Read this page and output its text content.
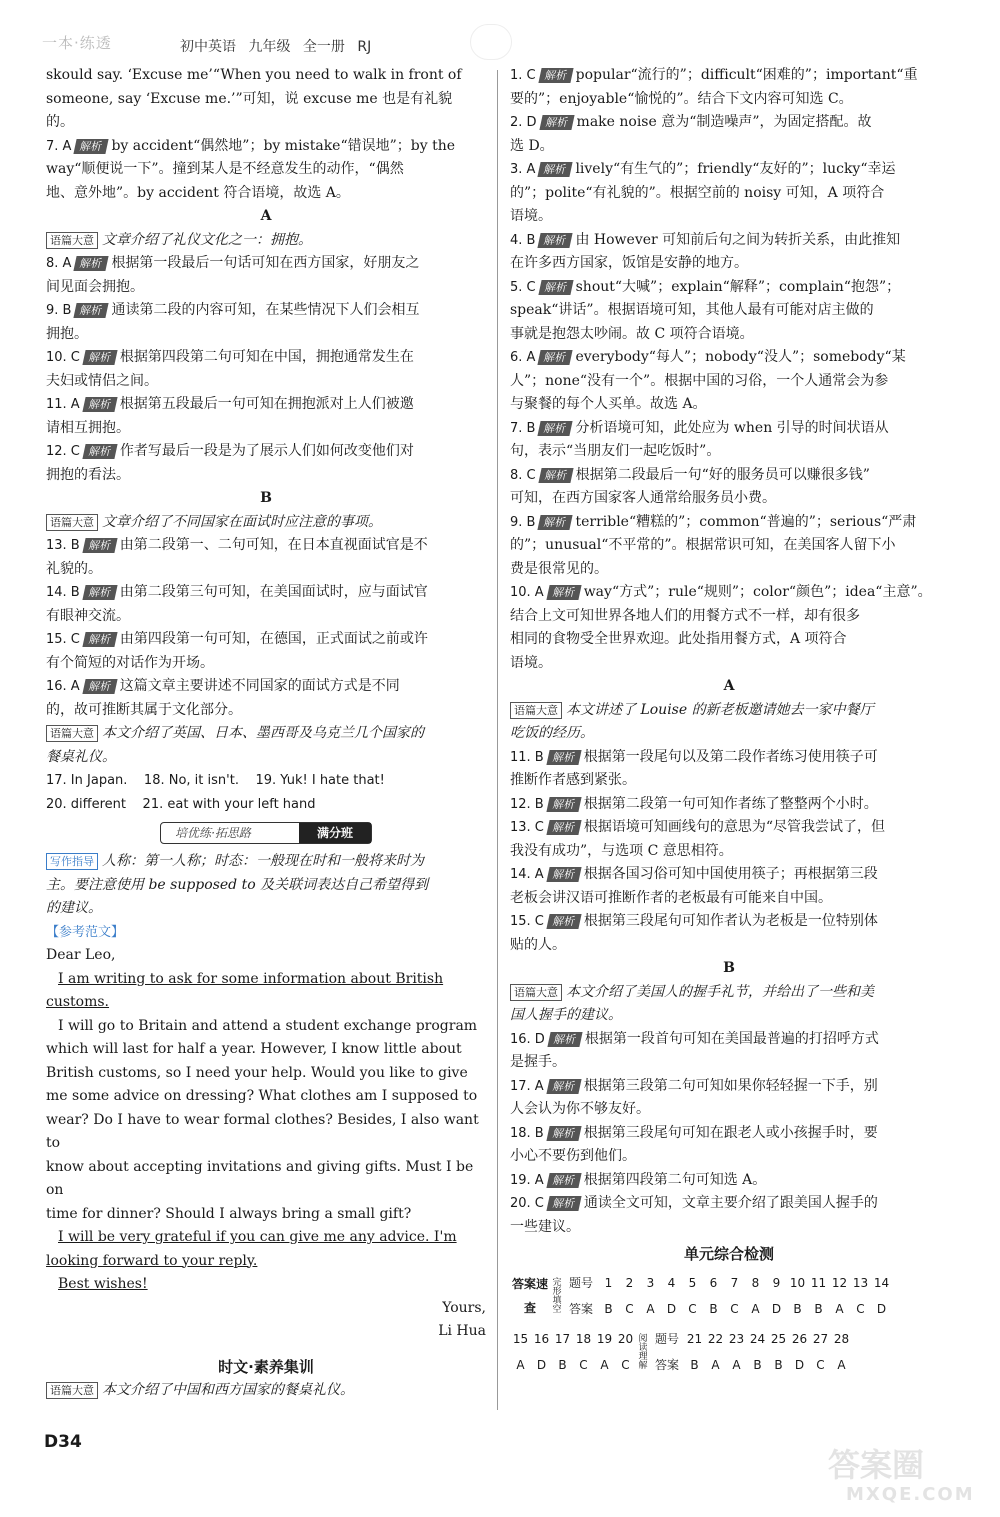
一本·练透	初中英语 九年级 全一册 RJ

skould say. ‘Excuse me’“When you need to walk in front of

someone, say ‘Excuse me.’”可知，说 excuse me 也是有礼貌

的。

7. A 解析 by accident“偶然地”；by mistake“错误地”；by the

way“顺便说一下”。撞到某人是不经意发生的动作，“偶然

地、意外地”。by accident 符合语境，故选 A。

A

语篇大意 文章介绍了礼仪文化之一：拥抱。

8. A 解析 根据第一段最后一句话可知在西方国家，好朋友之

间见面会拥抱。

9. B 解析 通读第二段的内容可知，在某些情况下人们会相互

拥抱。

10. C 解析 根据第四段第二句可知在中国，拥抱通常发生在

夫妇或情侣之间。

11. A 解析 根据第五段最后一句可知在拥抱派对上人们被邀

请相互拥抱。

12. C 解析 作者写最后一段是为了展示人们如何改变他们对

拥抱的看法。

B

语篇大意 文章介绍了不同国家在面试时应注意的事项。

13. B 解析 由第二段第一、二句可知，在日本直视面试官是不

礼貌的。

14. B 解析 由第二段第三句可知，在美国面试时，应与面试官

有眼神交流。

15. C 解析 由第四段第一句可知，在德国，正式面试之前或许

有个简短的对话作为开场。

16. A 解析 这篇文章主要讲述不同国家的面试方式是不同

的，故可推断其属于文化部分。

语篇大意 本文介绍了英国、日本、墨西哥及乌克兰几个国家的

餐桌礼仪。

17. In Japan.    18. No, it isn't.    19. Yuk! I hate that!

20. different    21. eat with your left hand

培优练·拓思路	满分班

写作指导 人称：第一人称；时态：一般现在时和一般将来时为

主。要注意使用 be supposed to 及关联词表达自己希望得到

的建议。

【参考范文】

Dear Leo,

I am writing to ask for some information about British

customs.

I will go to Britain and attend a student exchange program

which will last for half a year. However, I know little about

British customs, so I need your help. Would you like to give

me some advice on dressing? What clothes am I supposed to

wear? Do I have to wear formal clothes? Besides, I also want to

know about accepting invitations and giving gifts. Must I be on

time for dinner? Should I always bring a small gift?

I will be very grateful if you can give me any advice. I'm

looking forward to your reply.

Best wishes!

Yours,

Li Hua

时文·素养集训

语篇大意 本文介绍了中国和西方国家的餐桌礼仪。

1. C 解析 popular“流行的”；difficult“困难的”；important“重

要的”；enjoyable“愉悦的”。结合下文内容可知选 C。

2. D 解析 make noise 意为“制造噪声”，为固定搭配。故

选 D。

3. A 解析 lively“有生气的”；friendly“友好的”；lucky“幸运

的”；polite“有礼貌的”。根据空前的 noisy 可知，A 项符合

语境。

4. B 解析 由 However 可知前后句之间为转折关系，由此推知

在许多西方国家，饭馆是安静的地方。

5. C 解析 shout“大喊”；explain“解释”；complain“抱怨”；

speak“讲话”。根据语境可知，其他人最有可能对店主做的

事就是抱怨太吵闹。故 C 项符合语境。

6. A 解析 everybody“每人”；nobody“没人”；somebody“某

人”；none“没有一个”。根据中国的习俗，一个人通常会为参

与聚餐的每个人买单。故选 A。

7. B 解析 分析语境可知，此处应为 when 引导的时间状语从

句，表示“当朋友们一起吃饭时”。

8. C 解析 根据第二段最后一句“好的服务员可以赚很多钱”

可知，在西方国家客人通常给服务员小费。

9. B 解析 terrible“糟糕的”；common“普遍的”；serious“严肃

的”；unusual“不平常的”。根据常识可知，在美国客人留下小

费是很常见的。

10. A 解析 way“方式”；rule“规则”；color“颜色”；idea“主意”。

结合上文可知世界各地人们的用餐方式不一样，却有很多

相同的食物受全世界欢迎。此处指用餐方式，A 项符合

语境。

A

语篇大意 本文讲述了 Louise 的新老板邀请她去一家中餐厅

吃饭的经历。

11. B 解析 根据第一段尾句以及第二段作者练习使用筷子可

推断作者感到紧张。

12. B 解析 根据第二段第一句可知作者练了整整两个小时。

13. C 解析 根据语境可知画线句的意思为“尽管我尝试了，但

我没有成功”，与选项 C 意思相符。

14. A 解析 根据各国习俗可知中国使用筷子；再根据第三段

老板会讲汉语可推断作者的老板最有可能来自中国。

15. C 解析 根据第三段尾句可知作者认为老板是一位特别体

贴的人。

B

语篇大意 本文介绍了美国人的握手礼节，并给出了一些和美

国人握手的建议。

16. D 解析 根据第一段首句可知在美国最普遍的打招呼方式

是握手。

17. A 解析 根据第三段第二句可知如果你轻轻握一下手，别

人会认为你不够友好。

18. B 解析 根据第三段尾句可知在跟老人或小孩握手时，要

小心不要伤到他们。

19. A 解析 根据第四段第二句可知选 A。

20. C 解析 通读全文可知，文章主要介绍了跟美国人握手的

一些建议。

单元综合检测

答案速查	完形填空	题号	1	2	3	4	5	6	7	8	9	10	11	12	13	14
		答案	B	C	A	D	C	B	C	A	D	B	B	A	C	D
15	16	17	18	19	20	阅读理解	题号	21	22	23	24	25	26	27	28
A	D	B	C	A	C		答案	B	A	A	B	B	D	C	A
D34
答案圈
MXQE.COM
